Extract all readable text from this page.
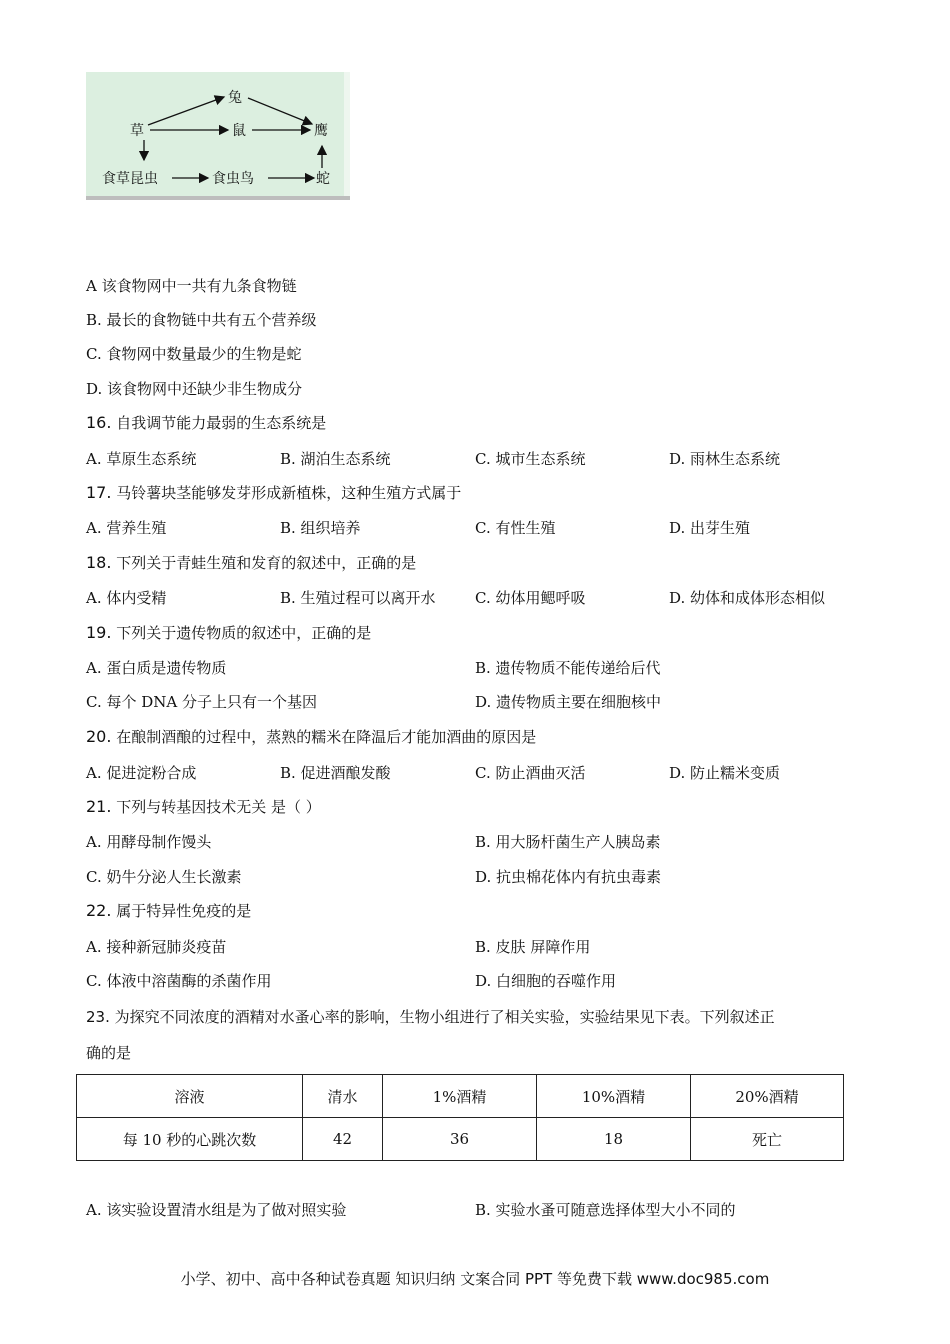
草
兔
鼠	鹰
食草昆虫	食虫鸟	蛇
A 该食物网中一共有九条食物链
B. 最长的食物链中共有五个营养级
C. 食物网中数量最少的生物是蛇
D. 该食物网中还缺少非生物成分
16. 自我调节能力最弱的生态系统是
A. 草原生态系统	B. 湖泊生态系统	C. 城市生态系统	D. 雨林生态系统
17. 马铃薯块茎能够发芽形成新植株，这种生殖方式属于
A. 营养生殖	B. 组织培养	C. 有性生殖	D. 出芽生殖
18. 下列关于青蛙生殖和发育的叙述中，正确的是
A. 体内受精	B. 生殖过程可以离开水	C. 幼体用鳃呼吸	D. 幼体和成体形态相似
19. 下列关于遗传物质的叙述中，正确的是
A. 蛋白质是遗传物质	B. 遗传物质不能传递给后代
C. 每个 DNA 分子上只有一个基因	D. 遗传物质主要在细胞核中
20. 在酿制酒酿的过程中，蒸熟的糯米在降温后才能加酒曲的原因是
A. 促进淀粉合成	B. 促进酒酿发酸	C. 防止酒曲灭活	D. 防止糯米变质
21. 下列与转基因技术无关 是（ ）
A. 用酵母制作馒头	B. 用大肠杆菌生产人胰岛素
C. 奶牛分泌人生长激素	D. 抗虫棉花体内有抗虫毒素
22. 属于特异性免疫的是
A. 接种新冠肺炎疫苗	B. 皮肤 屏障作用
C. 体液中溶菌酶的杀菌作用	D. 白细胞的吞噬作用
23. 为探究不同浓度的酒精对水蚤心率的影响，生物小组进行了相关实验，实验结果见下表。下列叙述正
确的是
溶液	清水	1%酒精	10%酒精	20%酒精
每 10 秒的心跳次数	42	36	18	死亡
A. 该实验设置清水组是为了做对照实验	B. 实验水蚤可随意选择体型大小不同的
小学、初中、高中各种试卷真题 知识归纳 文案合同 PPT 等免费下载 www.doc985.com
